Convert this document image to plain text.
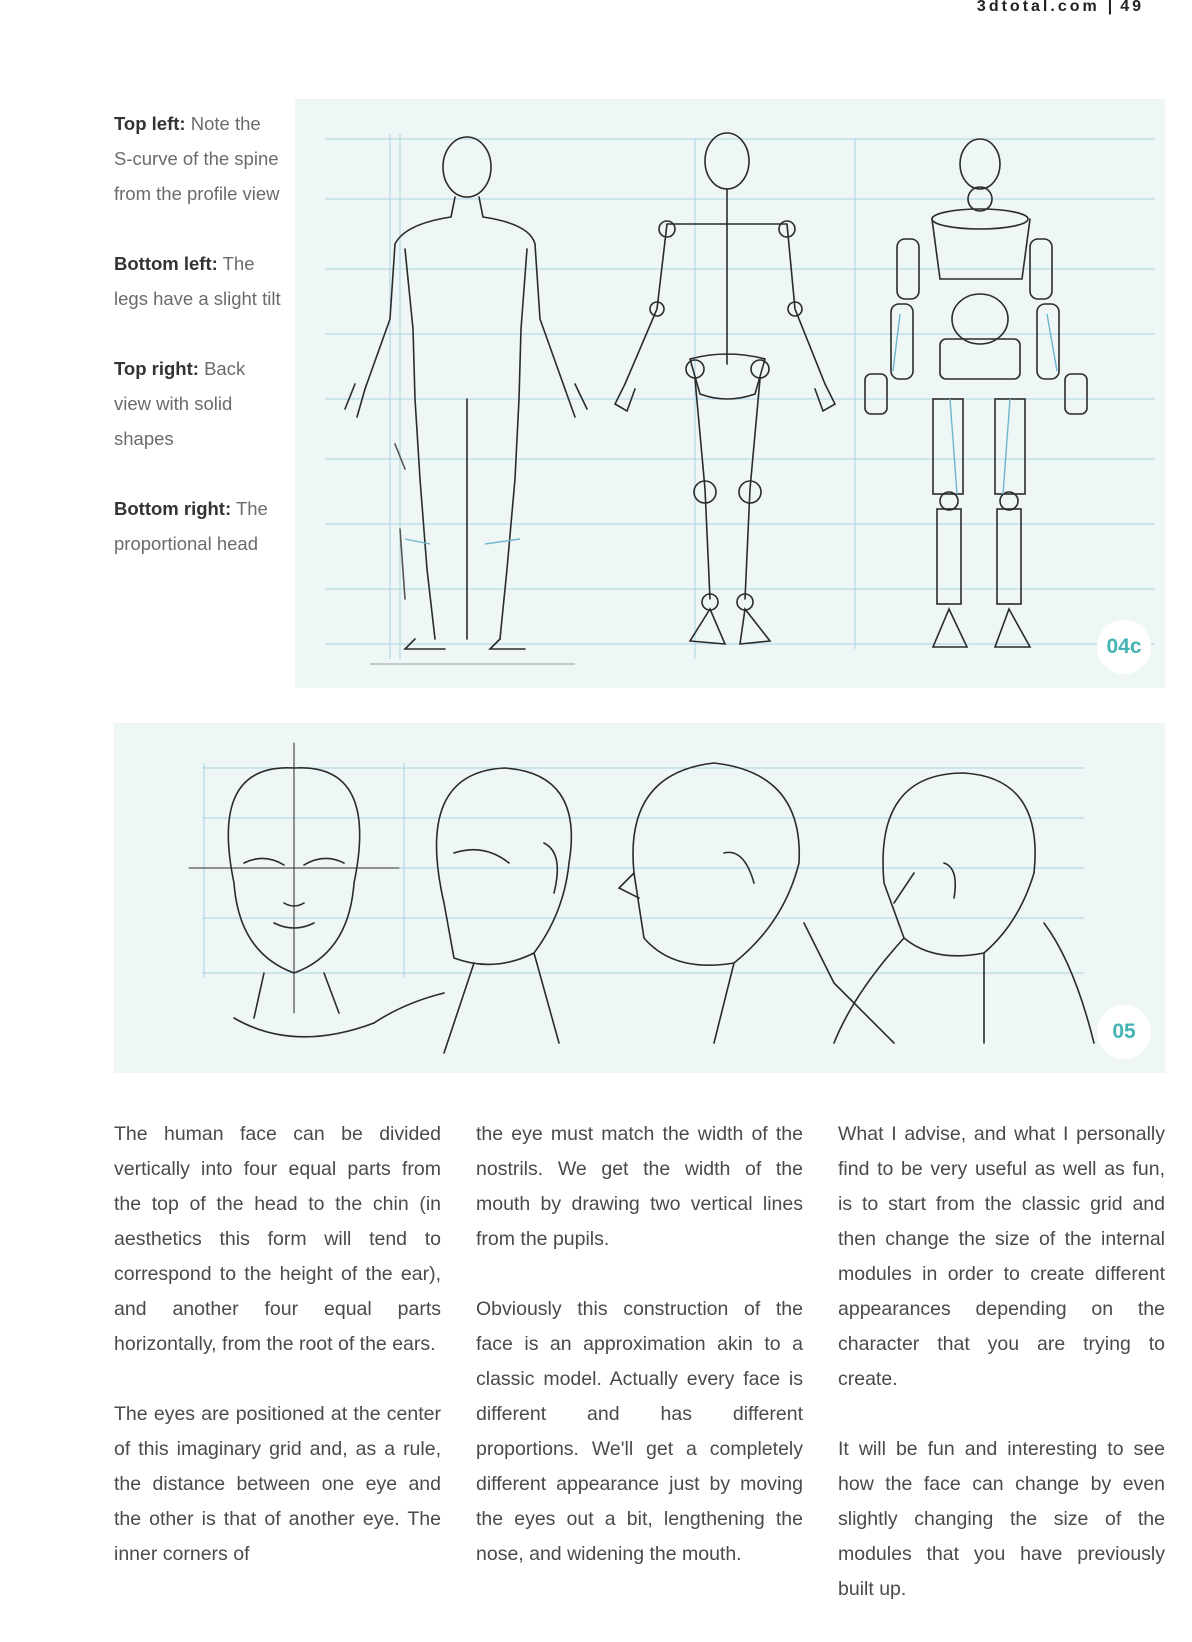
3dtotal.com | 49
Top left: Note the S-curve of the spine from the profile view
Bottom left: The legs have a slight tilt
Top right: Back view with solid shapes
Bottom right: The proportional head
04c
05

The human face can be divided vertically into four equal parts from the top of the head to the chin (in aesthetics this form will tend to correspond to the height of the ear), and another four equal parts horizontally, from the root of the ears.

The eyes are positioned at the center of this imaginary grid and, as a rule, the distance between one eye and the other is that of another eye. The inner corners of

the eye must match the width of the nostrils. We get the width of the mouth by drawing two vertical lines from the pupils.

Obviously this construction of the face is an approximation akin to a classic model. Actually every face is different and has different proportions. We'll get a completely different appearance just by moving the eyes out a bit, lengthening the nose, and widening the mouth.

What I advise, and what I personally find to be very useful as well as fun, is to start from the classic grid and then change the size of the internal modules in order to create different appearances depending on the character that you are trying to create.

It will be fun and interesting to see how the face can change by even slightly changing the size of the modules that you have previously built up.
